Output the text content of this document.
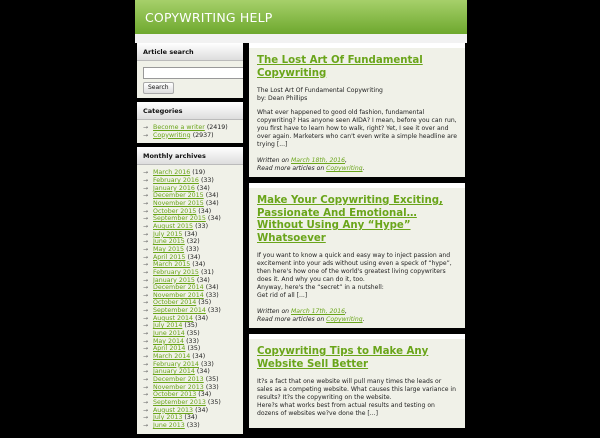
COPYWRITING HELP
Article search
Search
Categories
→ Become a writer (2419)
→ Copywriting (2937)
Monthly archives
→ March 2016 (19)
→ February 2016 (33)
→ January 2016 (34)
→ December 2015 (34)
→ November 2015 (34)
→ October 2015 (34)
→ September 2015 (34)
→ August 2015 (33)
→ July 2015 (34)
→ June 2015 (32)
→ May 2015 (33)
→ April 2015 (34)
→ March 2015 (34)
→ February 2015 (31)
→ January 2015 (34)
→ December 2014 (34)
→ November 2014 (33)
→ October 2014 (35)
→ September 2014 (33)
→ August 2014 (34)
→ July 2014 (35)
→ June 2014 (35)
→ May 2014 (33)
→ April 2014 (35)
→ March 2014 (34)
→ February 2014 (33)
→ January 2014 (34)
→ December 2013 (35)
→ November 2013 (33)
→ October 2013 (34)
→ September 2013 (35)
→ August 2013 (34)
→ July 2013 (34)
→ June 2013 (33)
The Lost Art Of Fundamental Copywriting

The Lost Art Of Fundamental Copywriting
by: Dean Phillips

What ever happened to good old fashion, fundamental copywriting? Has anyone seen AIDA? I mean, before you can run, you first have to learn how to walk, right? Yet, I see it over and over again. Marketers who can't even write a simple headline are trying [...]

Written on March 18th, 2016,
Read more articles on Copywriting.
Make Your Copywriting Exciting, Passionate And Emotional…Without Using Any “Hype” Whatsoever

If you want to know a quick and easy way to inject passion and excitement into your ads without using even a speck of “hype”, then here's how one of the world's greatest living copywriters does it. And why you can do it, too.
Anyway, here's the “secret” in a nutshell:
Get rid of all [...]

Written on March 17th, 2016,
Read more articles on Copywriting.
Copywriting Tips to Make Any Website Sell Better

It?s a fact that one website will pull many times the leads or sales as a competing website. What causes this large variance in results? It?s the copywriting on the website.
Here?s what works best from actual results and testing on dozens of websites we?ve done the [...]
